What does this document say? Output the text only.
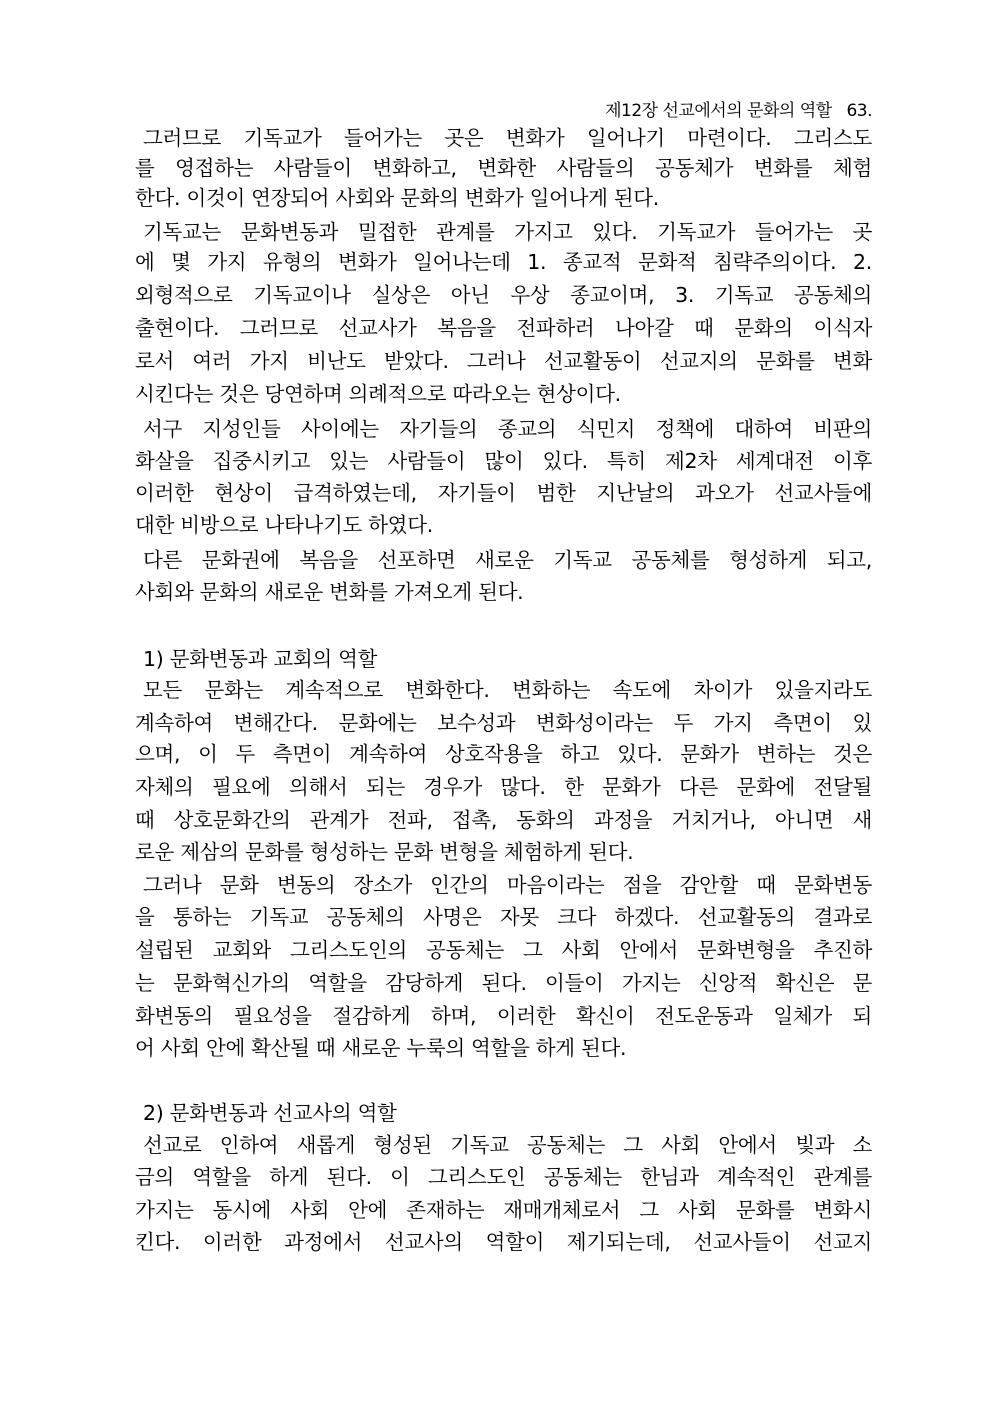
제12장 선교에서의 문화의 역할 63.
그러므로 기독교가 들어가는 곳은 변화가 일어나기 마련이다. 그리스도
를 영접하는 사람들이 변화하고, 변화한 사람들의 공동체가 변화를 체험
한다. 이것이 연장되어 사회와 문화의 변화가 일어나게 된다.
기독교는 문화변동과 밀접한 관계를 가지고 있다. 기독교가 들어가는 곳
에 몇 가지 유형의 변화가 일어나는데 1. 종교적 문화적 침략주의이다. 2.
외형적으로 기독교이나 실상은 아닌 우상 종교이며, 3. 기독교 공동체의
출현이다. 그러므로 선교사가 복음을 전파하러 나아갈 때 문화의 이식자
로서 여러 가지 비난도 받았다. 그러나 선교활동이 선교지의 문화를 변화
시킨다는 것은 당연하며 의례적으로 따라오는 현상이다.
서구 지성인들 사이에는 자기들의 종교의 식민지 정책에 대하여 비판의
화살을 집중시키고 있는 사람들이 많이 있다. 특히 제2차 세계대전 이후
이러한 현상이 급격하였는데, 자기들이 범한 지난날의 과오가 선교사들에
대한 비방으로 나타나기도 하였다.
다른 문화권에 복음을 선포하면 새로운 기독교 공동체를 형성하게 되고,
사회와 문화의 새로운 변화를 가져오게 된다.
1) 문화변동과 교회의 역할
모든 문화는 계속적으로 변화한다. 변화하는 속도에 차이가 있을지라도
계속하여 변해간다. 문화에는 보수성과 변화성이라는 두 가지 측면이 있
으며, 이 두 측면이 계속하여 상호작용을 하고 있다. 문화가 변하는 것은
자체의 필요에 의해서 되는 경우가 많다. 한 문화가 다른 문화에 전달될
때 상호문화간의 관계가 전파, 접촉, 동화의 과정을 거치거나, 아니면 새
로운 제삼의 문화를 형성하는 문화 변형을 체험하게 된다.
그러나 문화 변동의 장소가 인간의 마음이라는 점을 감안할 때 문화변동
을 통하는 기독교 공동체의 사명은 자못 크다 하겠다. 선교활동의 결과로
설립된 교회와 그리스도인의 공동체는 그 사회 안에서 문화변형을 추진하
는 문화혁신가의 역할을 감당하게 된다. 이들이 가지는 신앙적 확신은 문
화변동의 필요성을 절감하게 하며, 이러한 확신이 전도운동과 일체가 되
어 사회 안에 확산될 때 새로운 누룩의 역할을 하게 된다.
2) 문화변동과 선교사의 역할
선교로 인하여 새롭게 형성된 기독교 공동체는 그 사회 안에서 빛과 소
금의 역할을 하게 된다. 이 그리스도인 공동체는 한님과 계속적인 관계를
가지는 동시에 사회 안에 존재하는 재매개체로서 그 사회 문화를 변화시
킨다. 이러한 과정에서 선교사의 역할이 제기되는데, 선교사들이 선교지
